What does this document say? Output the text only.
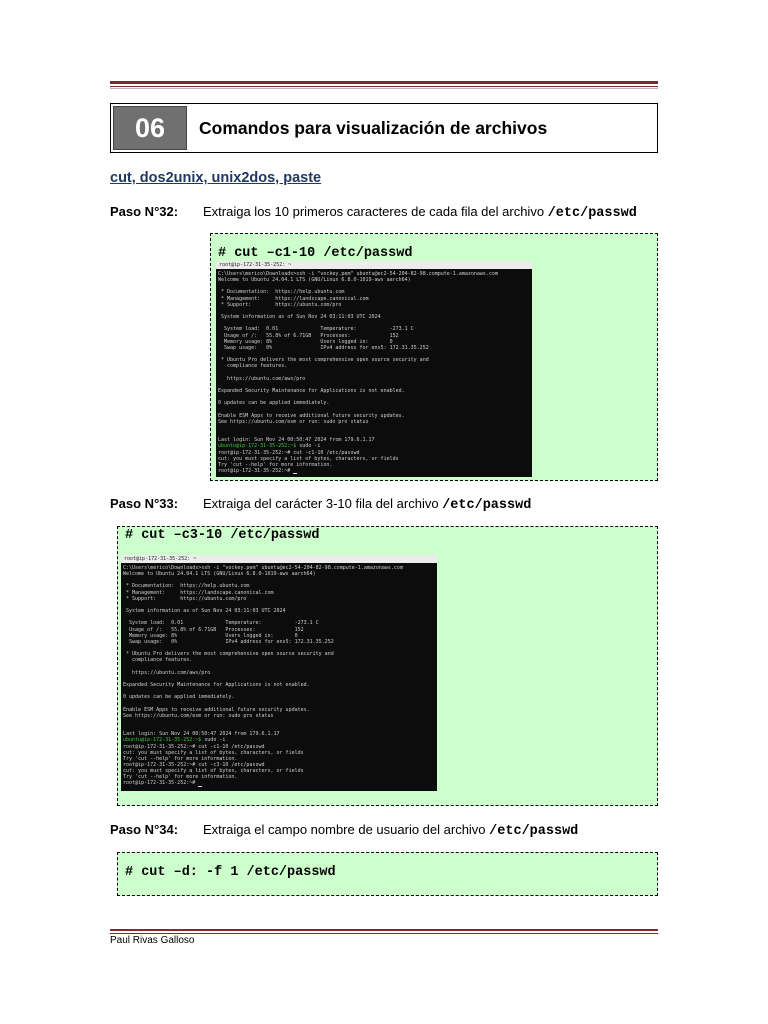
06	Comandos para visualización de archivos
cut, dos2unix, unix2dos, paste
Paso N°32: Extraiga los 10 primeros caracteres de cada fila del archivo /etc/passwd
# cut –c1-10 /etc/passwd
root@ip-172-31-35-252: ~
C:\Users\merico\Downloads>ssh -i "vockey.pem" ubuntu@ec2-54-204-82-98.compute-1.amazonaws.com
Welcome to Ubuntu 24.04.1 LTS (GNU/Linux 6.8.0-1019-aws aarch64)

* Documentation:  https://help.ubuntu.com
* Management:     https://landscape.canonical.com
* Support:        https://ubuntu.com/pro

System information as of Sun Nov 24 03:11:03 UTC 2024

System load:  0.01              Temperature:           -273.1 C
Usage of /:   55.8% of 6.71GB   Processes:             152
Memory usage: 8%                Users logged in:       0
Swap usage:   0%                IPv4 address for ens5: 172.31.35.252

* Ubuntu Pro delivers the most comprehensive open source security and
compliance features.

https://ubuntu.com/aws/pro

Expanded Security Maintenance for Applications is not enabled.

0 updates can be applied immediately.

Enable ESM Apps to receive additional future security updates.
See https://ubuntu.com/esm or run: sudo pro status

Last login: Sun Nov 24 00:50:47 2024 from 179.6.1.17
ubuntu@ip-172-31-35-252:~$ sudo -i
root@ip-172-31-35-252:~# cut -c1-10 /etc/passwd
cut: you must specify a list of bytes, characters, or fields
Try 'cut --help' for more information.
root@ip-172-31-35-252:~#
Paso N°33: Extraiga del carácter 3-10 fila del archivo /etc/passwd
# cut –c3-10 /etc/passwd
root@ip-172-31-35-252: ~
C:\Users\merico\Downloads>ssh -i "vockey.pem" ubuntu@ec2-54-204-82-98.compute-1.amazonaws.com
Welcome to Ubuntu 24.04.1 LTS (GNU/Linux 6.8.0-1019-aws aarch64)

* Documentation:  https://help.ubuntu.com
* Management:     https://landscape.canonical.com
* Support:        https://ubuntu.com/pro

System information as of Sun Nov 24 03:11:03 UTC 2024

System load:  0.01              Temperature:           -273.1 C
Usage of /:   55.8% of 6.71GB   Processes:             152
Memory usage: 8%                Users logged in:       0
Swap usage:   0%                IPv4 address for ens5: 172.31.35.252

* Ubuntu Pro delivers the most comprehensive open source security and
compliance features.

https://ubuntu.com/aws/pro

Expanded Security Maintenance for Applications is not enabled.

0 updates can be applied immediately.

Enable ESM Apps to receive additional future security updates.
See https://ubuntu.com/esm or run: sudo pro status

Last login: Sun Nov 24 00:50:47 2024 from 179.6.1.17
ubuntu@ip-172-31-35-252:~$ sudo -i
root@ip-172-31-35-252:~# cut -c1-10 /etc/passwd
cut: you must specify a list of bytes, characters, or fields
Try 'cut --help' for more information.
root@ip-172-31-35-252:~# cut -c3-10 /etc/passwd
cut: you must specify a list of bytes, characters, or fields
Try 'cut --help' for more information.
root@ip-172-31-35-252:~#
Paso N°34: Extraiga el campo nombre de usuario del archivo /etc/passwd
# cut –d: -f 1 /etc/passwd
Paul Rivas Galloso
